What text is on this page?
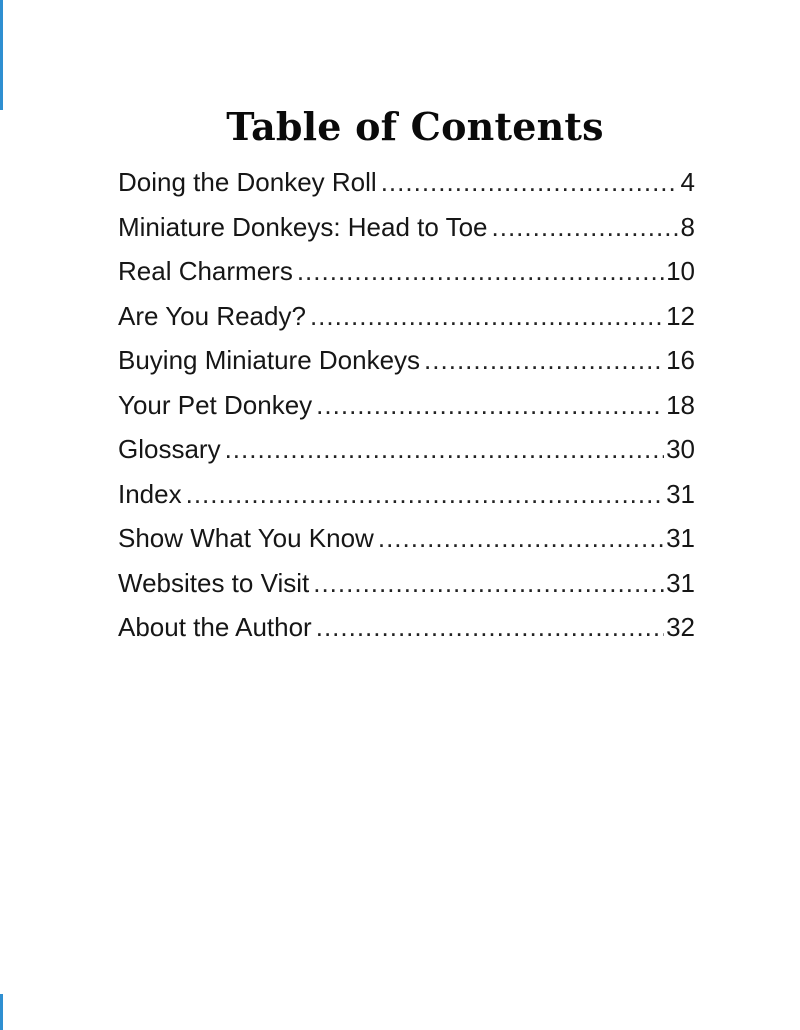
Table of Contents
Doing the Donkey Roll .....	4
Miniature Donkeys: Head to Toe .....	8
Real Charmers .....	10
Are You Ready? .....	12
Buying Miniature Donkeys .....	16
Your Pet Donkey .....	18
Glossary .....	30
Index .....	31
Show What You Know .....	31
Websites to Visit .....	31
About the Author .....	32
